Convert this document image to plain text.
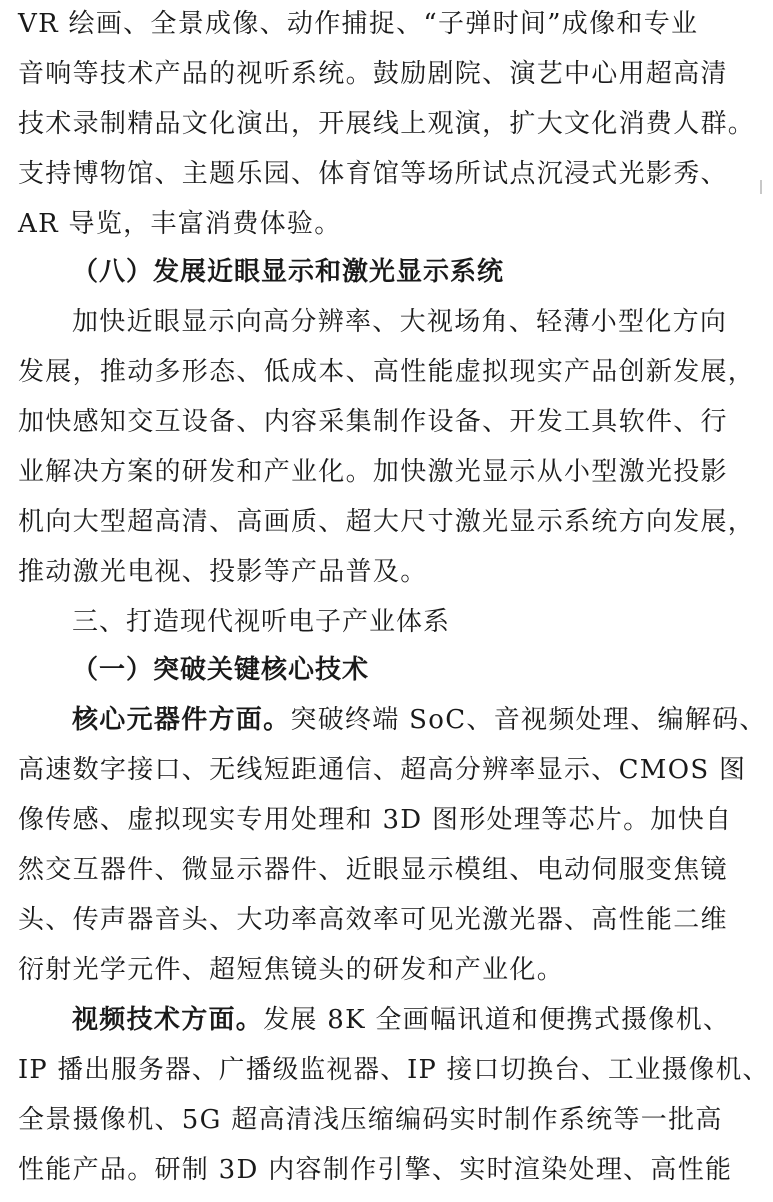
VR 绘画、全景成像、动作捕捉、“子弹时间”成像和专业
音响等技术产品的视听系统。鼓励剧院、演艺中心用超高清
技术录制精品文化演出，开展线上观演，扩大文化消费人群。
支持博物馆、主题乐园、体育馆等场所试点沉浸式光影秀、
AR 导览，丰富消费体验。
（八）发展近眼显示和激光显示系统
加快近眼显示向高分辨率、大视场角、轻薄小型化方向
发展，推动多形态、低成本、高性能虚拟现实产品创新发展，
加快感知交互设备、内容采集制作设备、开发工具软件、行
业解决方案的研发和产业化。加快激光显示从小型激光投影
机向大型超高清、高画质、超大尺寸激光显示系统方向发展，
推动激光电视、投影等产品普及。
三、打造现代视听电子产业体系
（一）突破关键核心技术
核心元器件方面。突破终端 SoC、音视频处理、编解码、
高速数字接口、无线短距通信、超高分辨率显示、CMOS 图
像传感、虚拟现实专用处理和 3D 图形处理等芯片。加快自
然交互器件、微显示器件、近眼显示模组、电动伺服变焦镜
头、传声器音头、大功率高效率可见光激光器、高性能二维
衍射光学元件、超短焦镜头的研发和产业化。
视频技术方面。发展 8K 全画幅讯道和便携式摄像机、
IP 播出服务器、广播级监视器、IP 接口切换台、工业摄像机、
全景摄像机、5G 超高清浅压缩编码实时制作系统等一批高
性能产品。研制 3D 内容制作引擎、实时渲染处理、高性能
